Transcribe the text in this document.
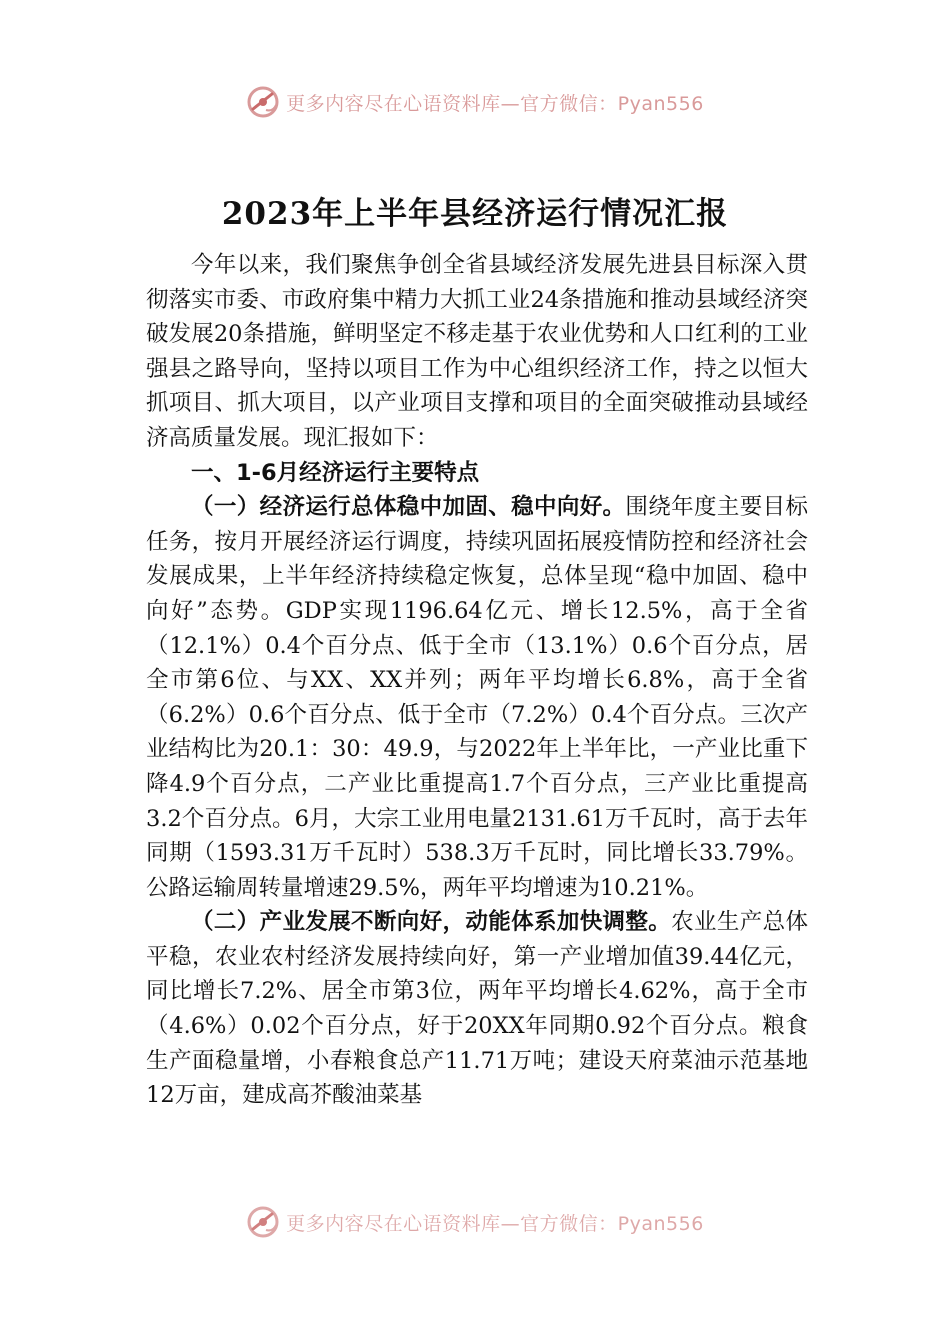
更多内容尽在心语资料库—官方微信：Pyan556
2023年上半年县经济运行情况汇报

今年以来，我们聚焦争创全省县域经济发展先进县目标深入贯彻落实市委、市政府集中精力大抓工业24条措施和推动县域经济突破发展20条措施，鲜明坚定不移走基于农业优势和人口红利的工业强县之路导向，坚持以项目工作为中心组织经济工作，持之以恒大抓项目、抓大项目，以产业项目支撑和项目的全面突破推动县域经济高质量发展。现汇报如下：

一、1-6月经济运行主要特点

（一）经济运行总体稳中加固、稳中向好。围绕年度主要目标任务，按月开展经济运行调度，持续巩固拓展疫情防控和经济社会发展成果，上半年经济持续稳定恢复，总体呈现“稳中加固、稳中向好”态势。GDP实现1196.64亿元、增长12.5%，高于全省（12.1%）0.4个百分点、低于全市（13.1%）0.6个百分点，居全市第6位、与XX、XX并列；两年平均增长6.8%，高于全省（6.2%）0.6个百分点、低于全市（7.2%）0.4个百分点。三次产业结构比为20.1：30：49.9，与2022年上半年比，一产业比重下降4.9个百分点，二产业比重提高1.7个百分点，三产业比重提高3.2个百分点。6月，大宗工业用电量2131.61万千瓦时，高于去年同期（1593.31万千瓦时）538.3万千瓦时，同比增长33.79%。公路运输周转量增速29.5%，两年平均增速为10.21%。

（二）产业发展不断向好，动能体系加快调整。农业生产总体平稳，农业农村经济发展持续向好，第一产业增加值39.44亿元，同比增长7.2%、居全市第3位，两年平均增长4.62%，高于全市（4.6%）0.02个百分点，好于20XX年同期0.92个百分点。粮食生产面稳量增，小春粮食总产11.71万吨；建设天府菜油示范基地12万亩，建成高芥酸油菜基

更多内容尽在心语资料库—官方微信：Pyan556
